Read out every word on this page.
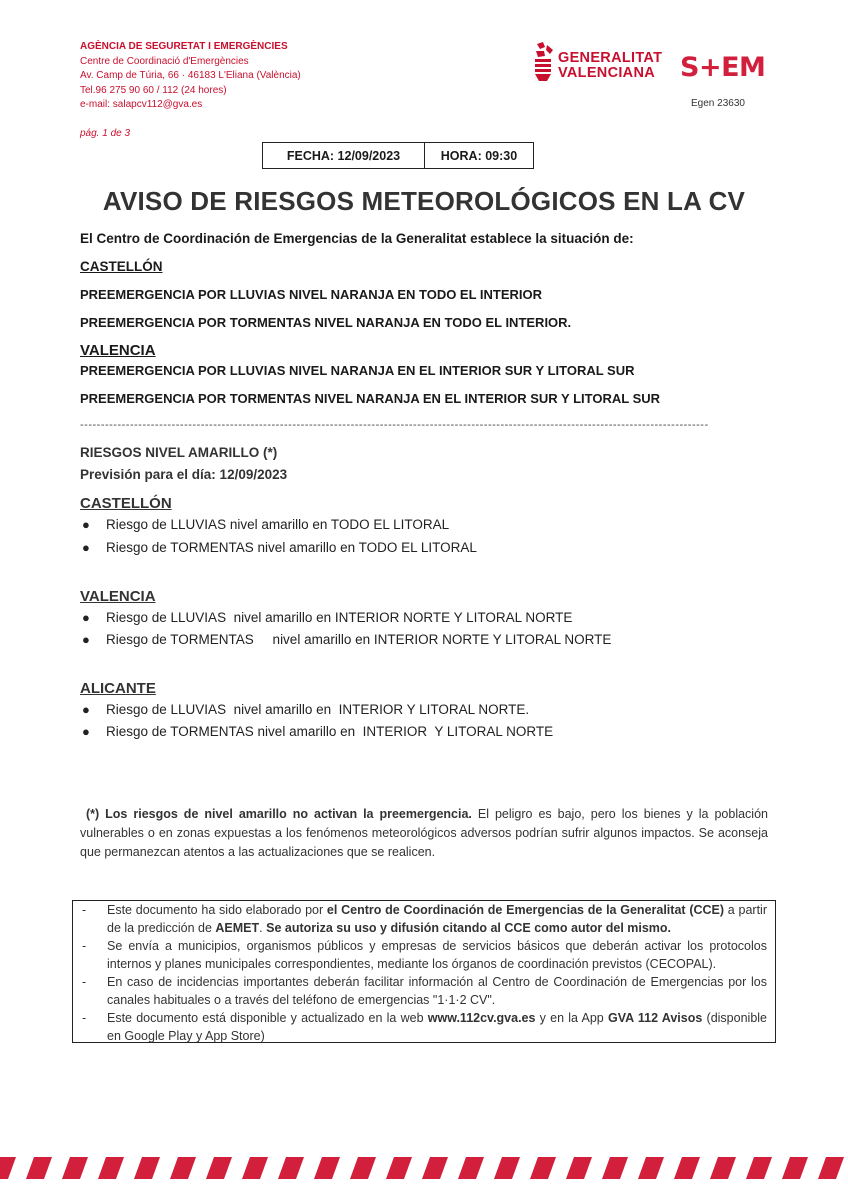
AGÈNCIA DE SEGURETAT I EMERGÈNCIES
Centre de Coordinació d'Emergències
Av. Camp de Túria, 66 · 46183 L'Eliana (València)
Tel.96 275 90 60 / 112 (24 hores)
e-mail: salapcv112@gva.es
GENERALITAT
VALENCIANA S+EM
Egen 23630
pág. 1 de 3
FECHA: 12/09/2023	HORA: 09:30
AVISO DE RIESGOS METEOROLÓGICOS EN LA CV
El Centro de Coordinación de Emergencias de la Generalitat establece la situación de:
CASTELLÓN
PREEMERGENCIA POR LLUVIAS NIVEL NARANJA EN TODO EL INTERIOR
PREEMERGENCIA POR TORMENTAS NIVEL NARANJA EN TODO EL INTERIOR.
VALENCIA
PREEMERGENCIA POR LLUVIAS NIVEL NARANJA EN EL INTERIOR SUR Y LITORAL SUR
PREEMERGENCIA POR TORMENTAS NIVEL NARANJA EN EL INTERIOR SUR Y LITORAL SUR
-------------------------------------------------------------------------------------------------------------------------------------------------------
RIESGOS NIVEL AMARILLO (*)
Previsión para el día: 12/09/2023
CASTELLÓN
● Riesgo de LLUVIAS nivel amarillo en TODO EL LITORAL
● Riesgo de TORMENTAS nivel amarillo en TODO EL LITORAL
VALENCIA
● Riesgo de LLUVIAS  nivel amarillo en INTERIOR NORTE Y LITORAL NORTE
● Riesgo de TORMENTAS     nivel amarillo en INTERIOR NORTE Y LITORAL NORTE
ALICANTE
● Riesgo de LLUVIAS  nivel amarillo en  INTERIOR Y LITORAL NORTE.
● Riesgo de TORMENTAS nivel amarillo en  INTERIOR  Y LITORAL NORTE
(*) Los riesgos de nivel amarillo no activan la preemergencia. El peligro es bajo, pero los bienes y la población vulnerables o en zonas expuestas a los fenómenos meteorológicos adversos podrían sufrir algunos impactos. Se aconseja que permanezcan atentos a las actualizaciones que se realicen.
- Este documento ha sido elaborado por el Centro de Coordinación de Emergencias de la Generalitat (CCE) a partir de la predicción de AEMET. Se autoriza su uso y difusión citando al CCE como autor del mismo.
- Se envía a municipios, organismos públicos y empresas de servicios básicos que deberán activar los protocolos internos y planes municipales correspondientes, mediante los órganos de coordinación previstos (CECOPAL).
- En caso de incidencias importantes deberán facilitar información al Centro de Coordinación de Emergencias por los canales habituales o a través del teléfono de emergencias "1·1·2 CV".
- Este documento está disponible y actualizado en la web www.112cv.gva.es y en la App GVA 112 Avisos (disponible en Google Play y App Store)
